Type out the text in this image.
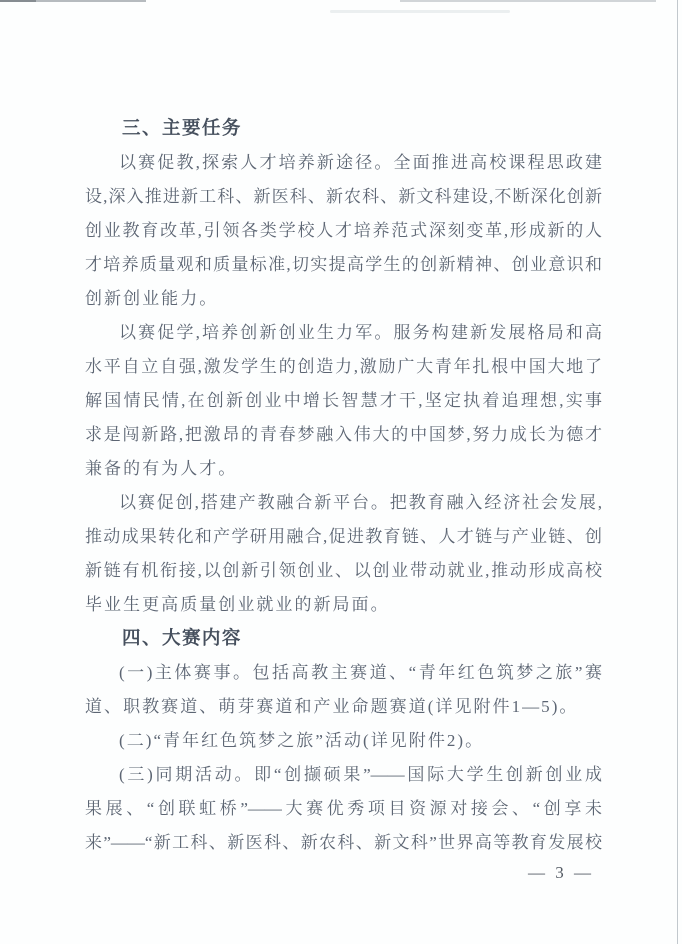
三、主要任务
以赛促教,探索人才培养新途径。全面推进高校课程思政建
设,深入推进新工科、新医科、新农科、新文科建设,不断深化创新
创业教育改革,引领各类学校人才培养范式深刻变革,形成新的人
才培养质量观和质量标准,切实提高学生的创新精神、创业意识和
创新创业能力。
以赛促学,培养创新创业生力军。服务构建新发展格局和高
水平自立自强,激发学生的创造力,激励广大青年扎根中国大地了
解国情民情,在创新创业中增长智慧才干,坚定执着追理想,实事
求是闯新路,把激昂的青春梦融入伟大的中国梦,努力成长为德才
兼备的有为人才。
以赛促创,搭建产教融合新平台。把教育融入经济社会发展,
推动成果转化和产学研用融合,促进教育链、人才链与产业链、创
新链有机衔接,以创新引领创业、以创业带动就业,推动形成高校
毕业生更高质量创业就业的新局面。
四、大赛内容
(一)主体赛事。包括高教主赛道、“青年红色筑梦之旅”赛
道、职教赛道、萌芽赛道和产业命题赛道(详见附件1—5)。
(二)“青年红色筑梦之旅”活动(详见附件2)。
(三)同期活动。即“创撷硕果”——国际大学生创新创业成
果展、“创联虹桥”——大赛优秀项目资源对接会、“创享未
来”——“新工科、新医科、新农科、新文科”世界高等教育发展校
— 3 —
